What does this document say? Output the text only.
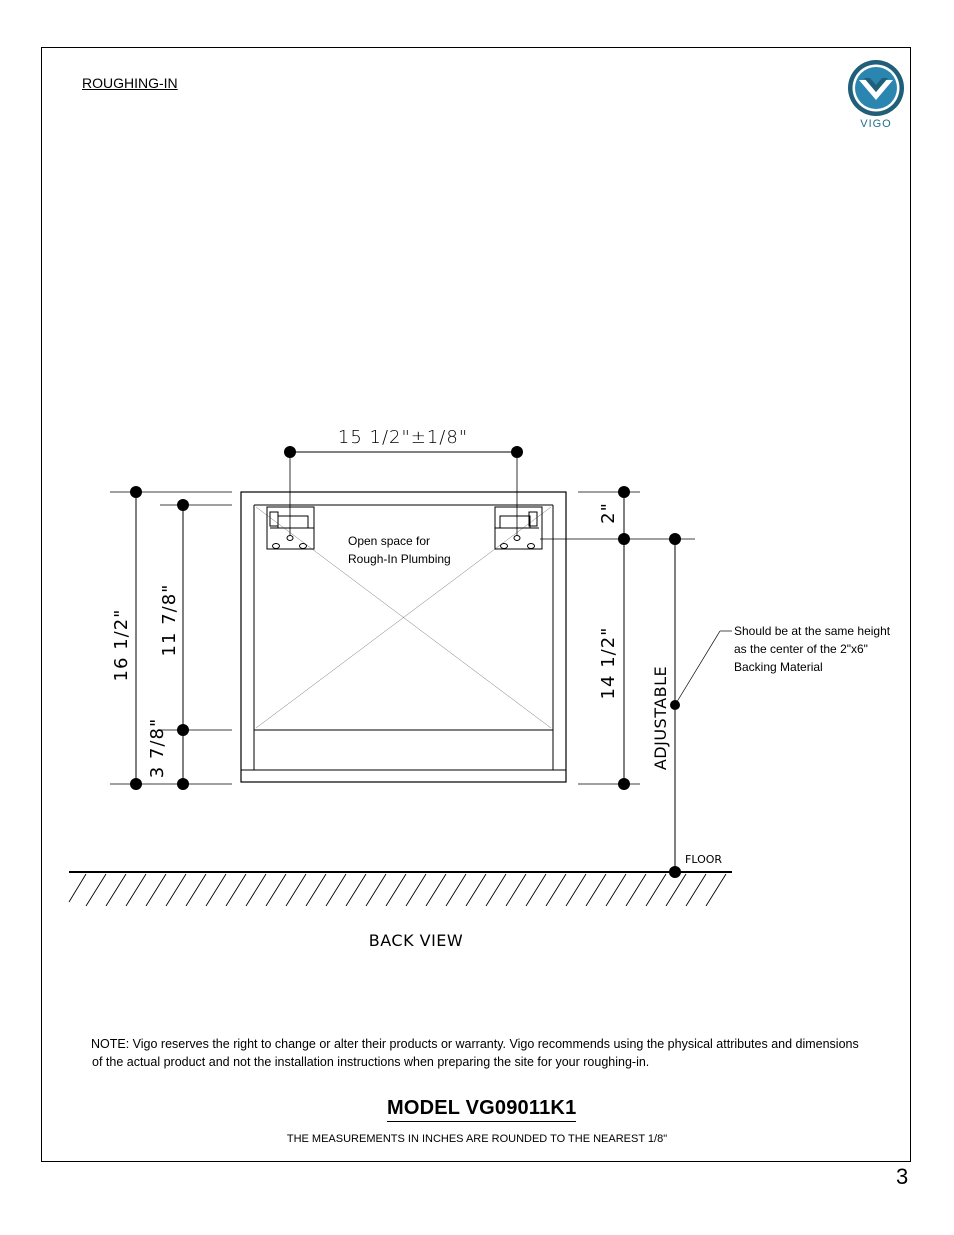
ROUGHING-IN
VIGO
15 1/2"±1/8"
16 1/2" 11 7/8"
3 7/8"
2"
14 1/2"
ADJUSTABLE
Open space for
Rough-In Plumbing
Should be at the same height
as the center of the 2"x6"
Backing Material
FLOOR
BACK VIEW
NOTE: Vigo reserves the right to change or alter their products or warranty. Vigo recommends using the physical attributes and dimensions
of the actual product and not the installation instructions when preparing the site for your roughing-in.
MODEL VG09011K1
THE MEASUREMENTS IN INCHES ARE ROUNDED TO THE NEAREST 1/8"
3
